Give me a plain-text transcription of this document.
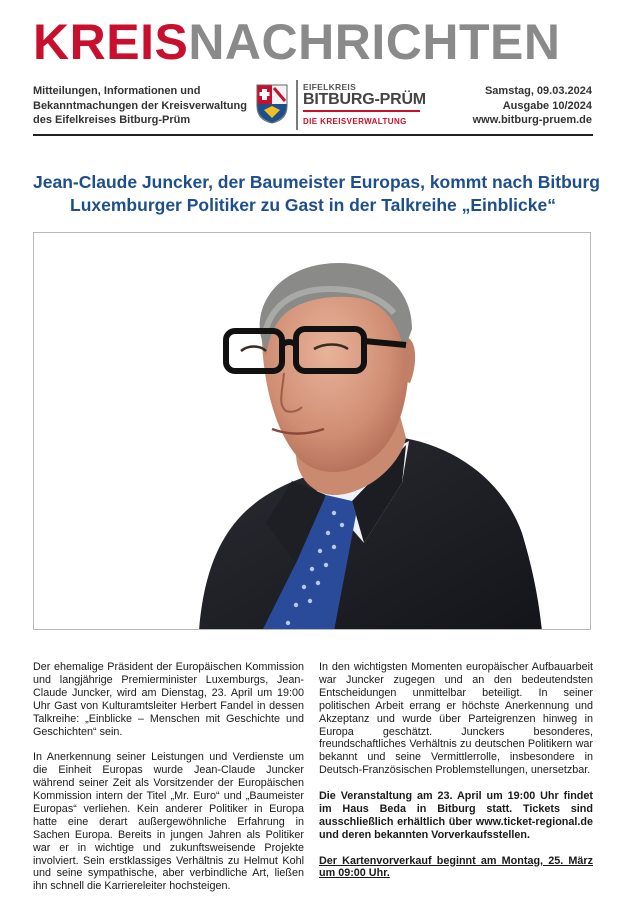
KREISNACHRICHTEN
Mitteilungen, Informationen und
Bekanntmachungen der Kreisverwaltung
des Eifelkreises Bitburg-Prüm
EIFELKREIS
BITBURG-PRÜM
DIE KREISVERWALTUNG
Samstag, 09.03.2024
Ausgabe 10/2024
www.bitburg-pruem.de
Jean-Claude Juncker, der Baumeister Europas, kommt nach Bitburg
Luxemburger Politiker zu Gast in der Talkreihe „Einblicke“

Der ehemalige Präsident der Europäischen Kommission und langjährige Premierminister Luxemburgs, Jean-Claude Juncker, wird am Dienstag, 23. April um 19:00 Uhr Gast von Kulturamtsleiter Herbert Fandel in dessen Talkreihe: „Einblicke – Menschen mit Geschichte und Geschichten“ sein.

In Anerkennung seiner Leistungen und Verdienste um die Einheit Europas wurde Jean-Claude Juncker während seiner Zeit als Vorsitzender der Europäischen Kommission intern der Titel „Mr. Euro“ und „Baumeister Europas“ verliehen. Kein anderer Politiker in Europa hatte eine derart außergewöhnliche Erfahrung in Sachen Europa. Bereits in jungen Jahren als Politiker war er in wichtige und zukunftsweisende Projekte involviert. Sein erstklassiges Verhältnis zu Helmut Kohl und seine sympathische, aber verbindliche Art, ließen ihn schnell die Karriereleiter hochsteigen.

In den wichtigsten Momenten europäischer Aufbauarbeit war Juncker zugegen und an den bedeutendsten Entscheidungen unmittelbar beteiligt. In seiner politischen Arbeit errang er höchste Anerkennung und Akzeptanz und wurde über Parteigrenzen hinweg in Europa geschätzt. Junckers besonderes, freundschaftliches Verhältnis zu deutschen Politikern war bekannt und seine Vermittlerrolle, insbesondere in Deutsch-Französischen Problemstellungen, unersetzbar.

Die Veranstaltung am 23. April um 19:00 Uhr findet im Haus Beda in Bitburg statt. Tickets sind ausschließlich erhältlich über www.ticket-regional.de und deren bekannten Vorverkaufsstellen.

Der Kartenvorverkauf beginnt am Montag, 25. März um 09:00 Uhr.
